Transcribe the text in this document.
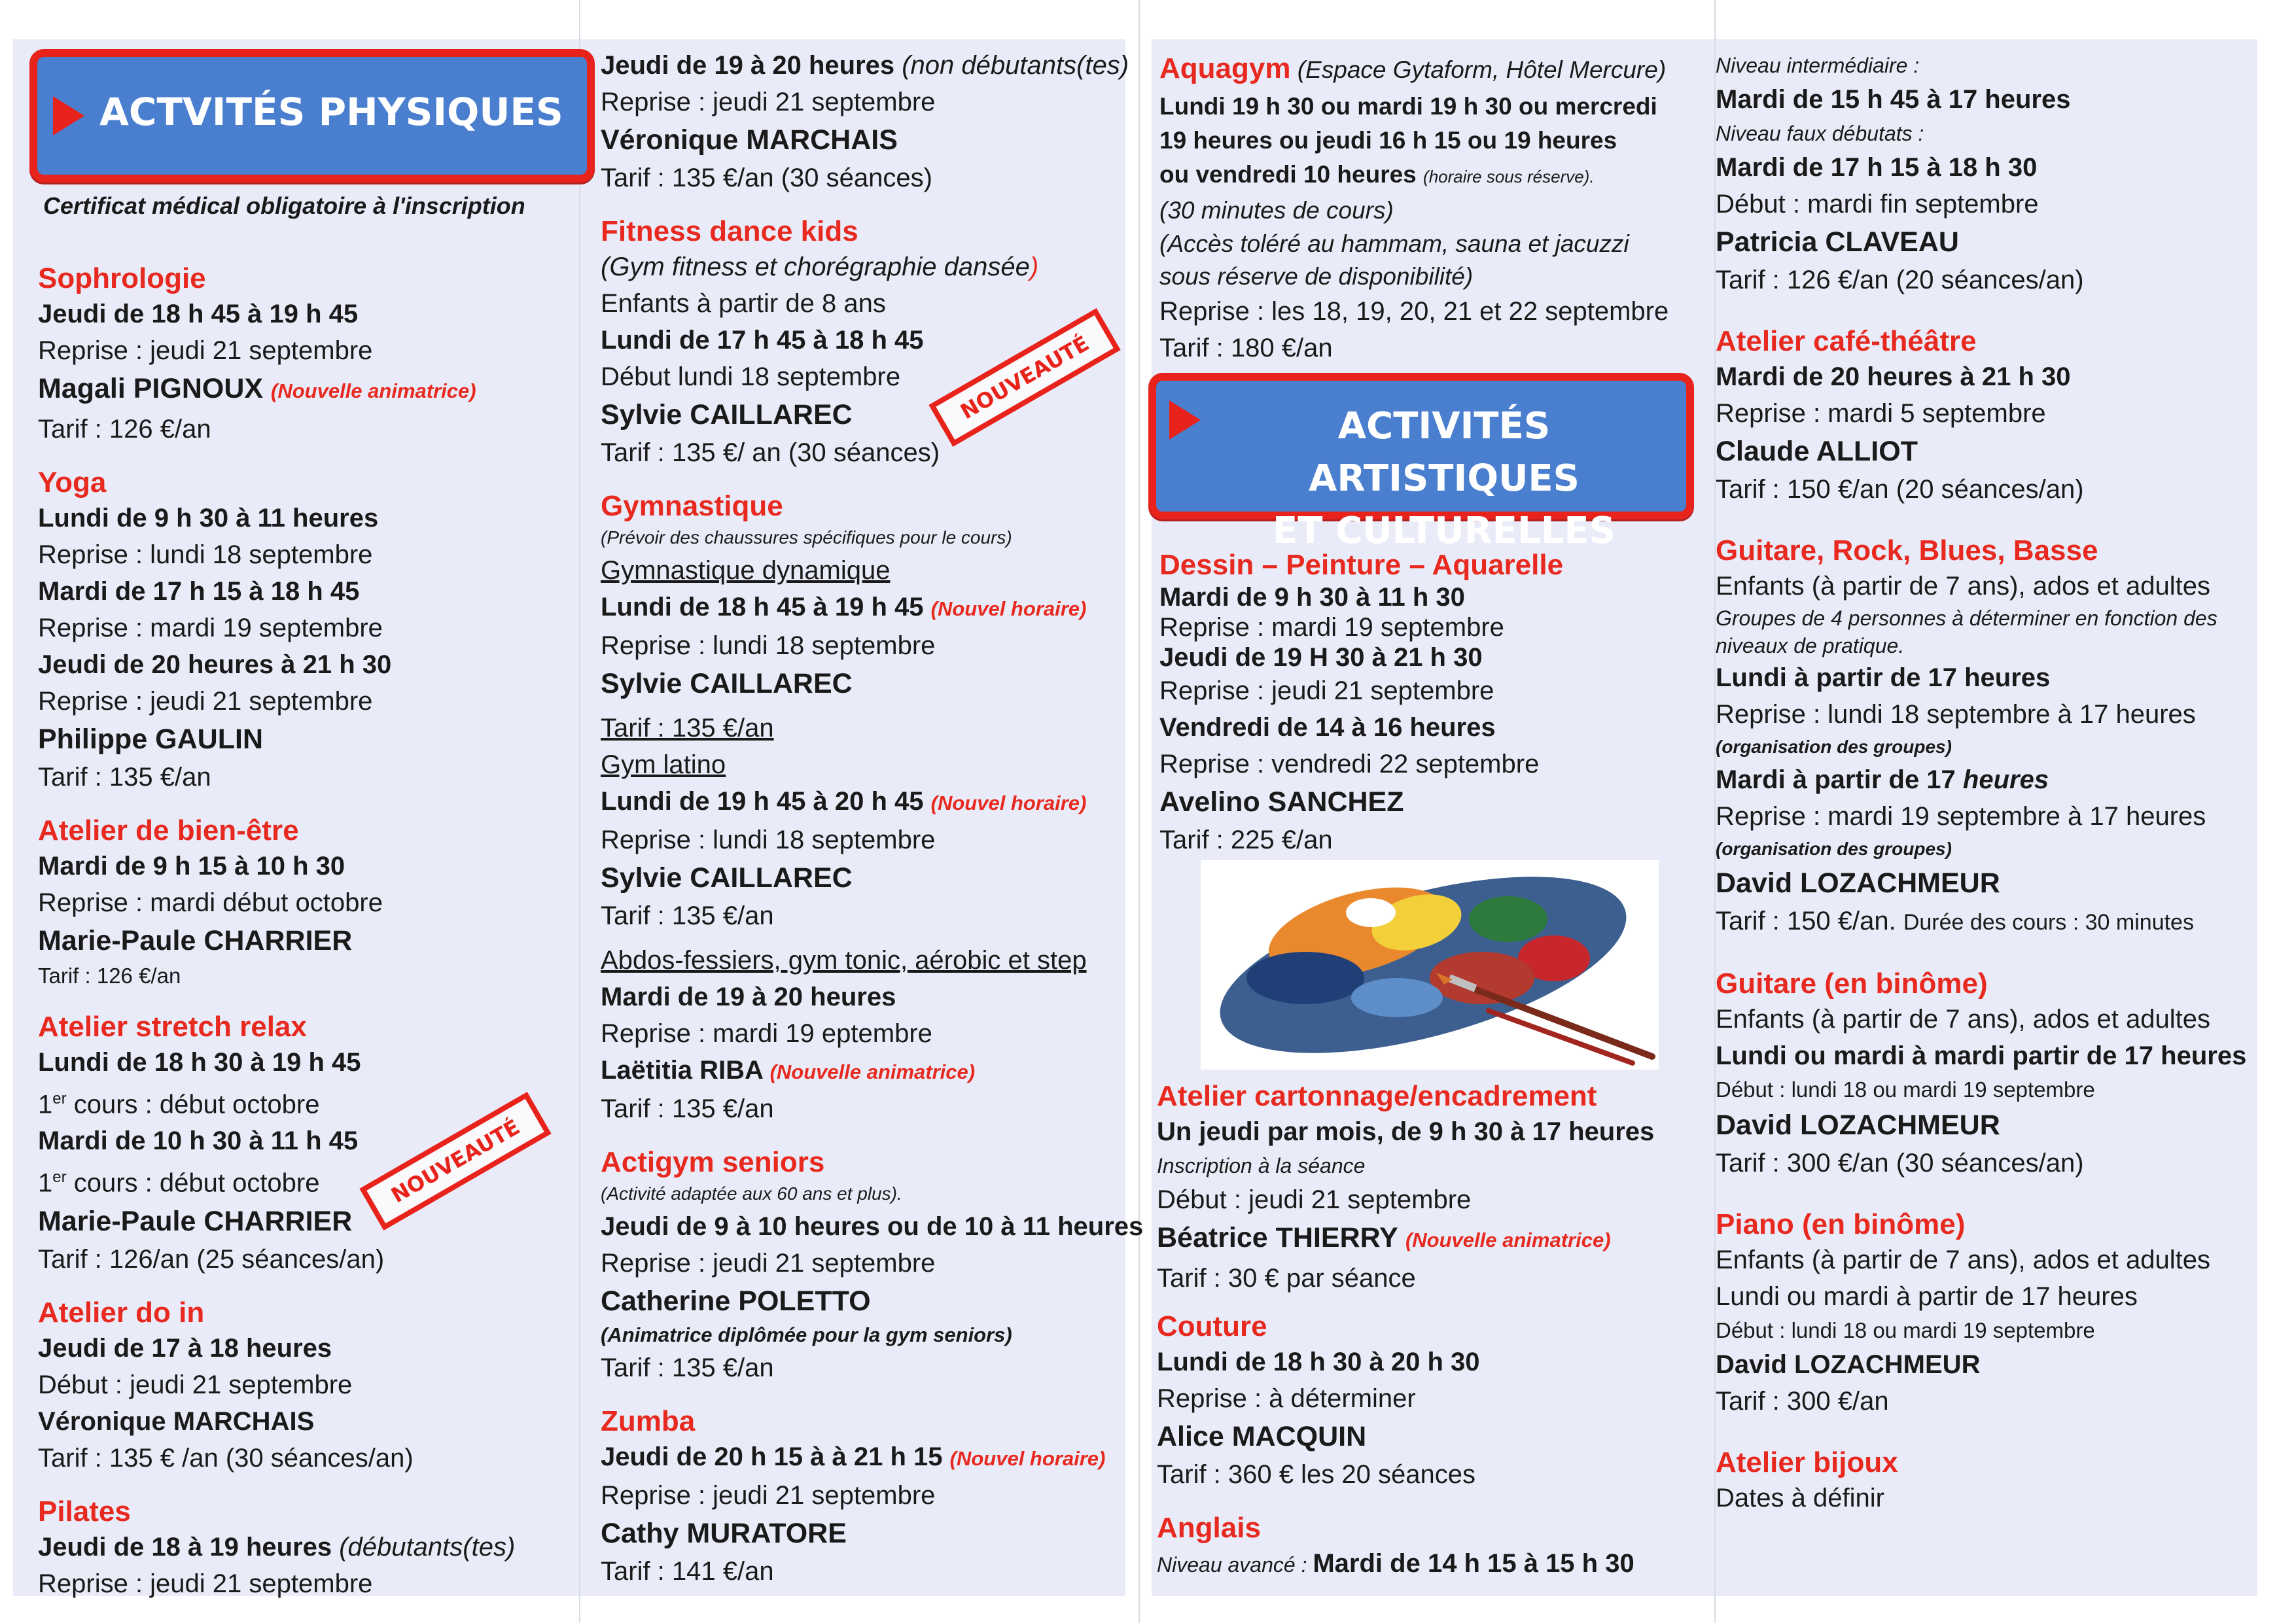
ACTVITÉS PHYSIQUES
ACTIVITÉS ARTISTIQUES
ET CULTURELLES
NOUVEAUTÉ
NOUVEAUTÉ
Certificat médical obligatoire à l'inscription
Sophrologie
Jeudi de 18 h 45 à 19 h 45
Reprise : jeudi 21 septembre
Magali PIGNOUX (Nouvelle animatrice)
Tarif : 126 €/an
Yoga
Lundi de 9 h 30 à 11 heures
Reprise : lundi 18 septembre
Mardi de 17 h 15 à 18 h 45
Reprise : mardi 19 septembre
Jeudi de 20 heures à 21 h 30
Reprise : jeudi 21 septembre
Philippe GAULIN
Tarif : 135 €/an
Atelier de bien-être
Mardi de 9 h 15 à 10 h 30
Reprise : mardi début octobre
Marie-Paule CHARRIER
Tarif : 126 €/an
Atelier stretch relax
Lundi de 18 h 30 à 19 h 45
1er cours : début octobre
Mardi de 10 h 30 à 11 h 45
1er cours : début octobre
Marie-Paule CHARRIER
Tarif : 126/an (25 séances/an)
Atelier do in
Jeudi de 17 à 18 heures
Début : jeudi 21 septembre
Véronique MARCHAIS
Tarif : 135 € /an (30 séances/an)
Pilates
Jeudi de 18 à 19 heures (débutants(tes)
Reprise : jeudi 21 septembre
Jeudi de 19 à 20 heures (non débutants(tes)
Reprise : jeudi 21 septembre
Véronique MARCHAIS
Tarif : 135 €/an (30 séances)
Fitness dance kids
(Gym fitness et chorégraphie dansée)
Enfants à partir de 8 ans
Lundi de 17 h 45 à 18 h 45
Début lundi 18 septembre
Sylvie CAILLAREC
Tarif : 135 €/ an (30 séances)
Gymnastique
(Prévoir des chaussures spécifiques pour le cours)
Gymnastique dynamique
Lundi de 18 h 45 à 19 h 45 (Nouvel horaire)
Reprise : lundi 18 septembre
Sylvie CAILLAREC
Tarif : 135 €/an
Gym latino
Lundi de 19 h 45 à 20 h 45 (Nouvel horaire)
Reprise : lundi 18 septembre
Sylvie CAILLAREC
Tarif : 135 €/an
Abdos-fessiers, gym tonic, aérobic et step
Mardi de 19 à 20 heures
Reprise : mardi 19 eptembre
Laëtitia RIBA (Nouvelle animatrice)
Tarif : 135 €/an
Actigym seniors
(Activité adaptée aux 60 ans et plus).
Jeudi de 9 à 10 heures ou de 10 à 11 heures
Reprise : jeudi 21 septembre
Catherine POLETTO
(Animatrice diplômée pour la gym seniors)
Tarif : 135 €/an
Zumba
Jeudi de 20 h 15 à à 21 h 15 (Nouvel horaire)
Reprise : jeudi 21 septembre
Cathy MURATORE
Tarif : 141 €/an
Aquagym (Espace Gytaform, Hôtel Mercure)
Lundi 19 h 30 ou mardi 19 h 30 ou mercredi
19 heures ou jeudi 16 h 15 ou 19 heures
ou vendredi 10 heures (horaire sous réserve).
(30 minutes de cours)
(Accès toléré au hammam, sauna et jacuzzi
sous réserve de disponibilité)
Reprise : les 18, 19, 20, 21 et 22 septembre
Tarif : 180 €/an
Dessin – Peinture – Aquarelle
Mardi de 9 h 30 à 11 h 30
Reprise : mardi 19 septembre
Jeudi de 19 H 30 à 21 h 30
Reprise : jeudi 21 septembre
Vendredi de 14 à 16 heures
Reprise : vendredi 22 septembre
Avelino SANCHEZ
Tarif : 225 €/an
Atelier cartonnage/encadrement
Un jeudi par mois, de 9 h 30 à 17 heures
Inscription à la séance
Début : jeudi 21 septembre
Béatrice THIERRY (Nouvelle animatrice)
Tarif : 30 € par séance
Couture
Lundi de 18 h 30 à 20 h 30
Reprise : à déterminer
Alice MACQUIN
Tarif : 360 € les 20 séances
Anglais
Niveau avancé : Mardi de 14 h 15 à 15 h 30
Niveau intermédiaire :
Mardi de 15 h 45 à 17 heures
Niveau faux débutats :
Mardi de 17 h 15 à 18 h 30
Début : mardi fin septembre
Patricia CLAVEAU
Tarif : 126 €/an (20 séances/an)
Atelier café-théâtre
Mardi de 20 heures à 21 h 30
Reprise : mardi 5 septembre
Claude ALLIOT
Tarif : 150 €/an (20 séances/an)
Guitare, Rock, Blues, Basse
Enfants (à partir de 7 ans), ados et adultes
Groupes de 4 personnes à déterminer en fonction des
niveaux de pratique.
Lundi à partir de 17 heures
Reprise : lundi 18 septembre à 17 heures
(organisation des groupes)
Mardi à partir de 17 heures
Reprise : mardi 19 septembre à 17 heures
(organisation des groupes)
David LOZACHMEUR
Tarif : 150 €/an. Durée des cours : 30 minutes
Guitare (en binôme)
Enfants (à partir de 7 ans), ados et adultes
Lundi ou mardi à mardi partir de 17 heures
Début : lundi 18 ou mardi 19 septembre
David LOZACHMEUR
Tarif : 300 €/an (30 séances/an)
Piano (en binôme)
Enfants (à partir de 7 ans), ados et adultes
Lundi ou mardi à partir de 17 heures
Début : lundi 18 ou mardi 19 septembre
David LOZACHMEUR
Tarif : 300 €/an
Atelier bijoux
Dates à définir
